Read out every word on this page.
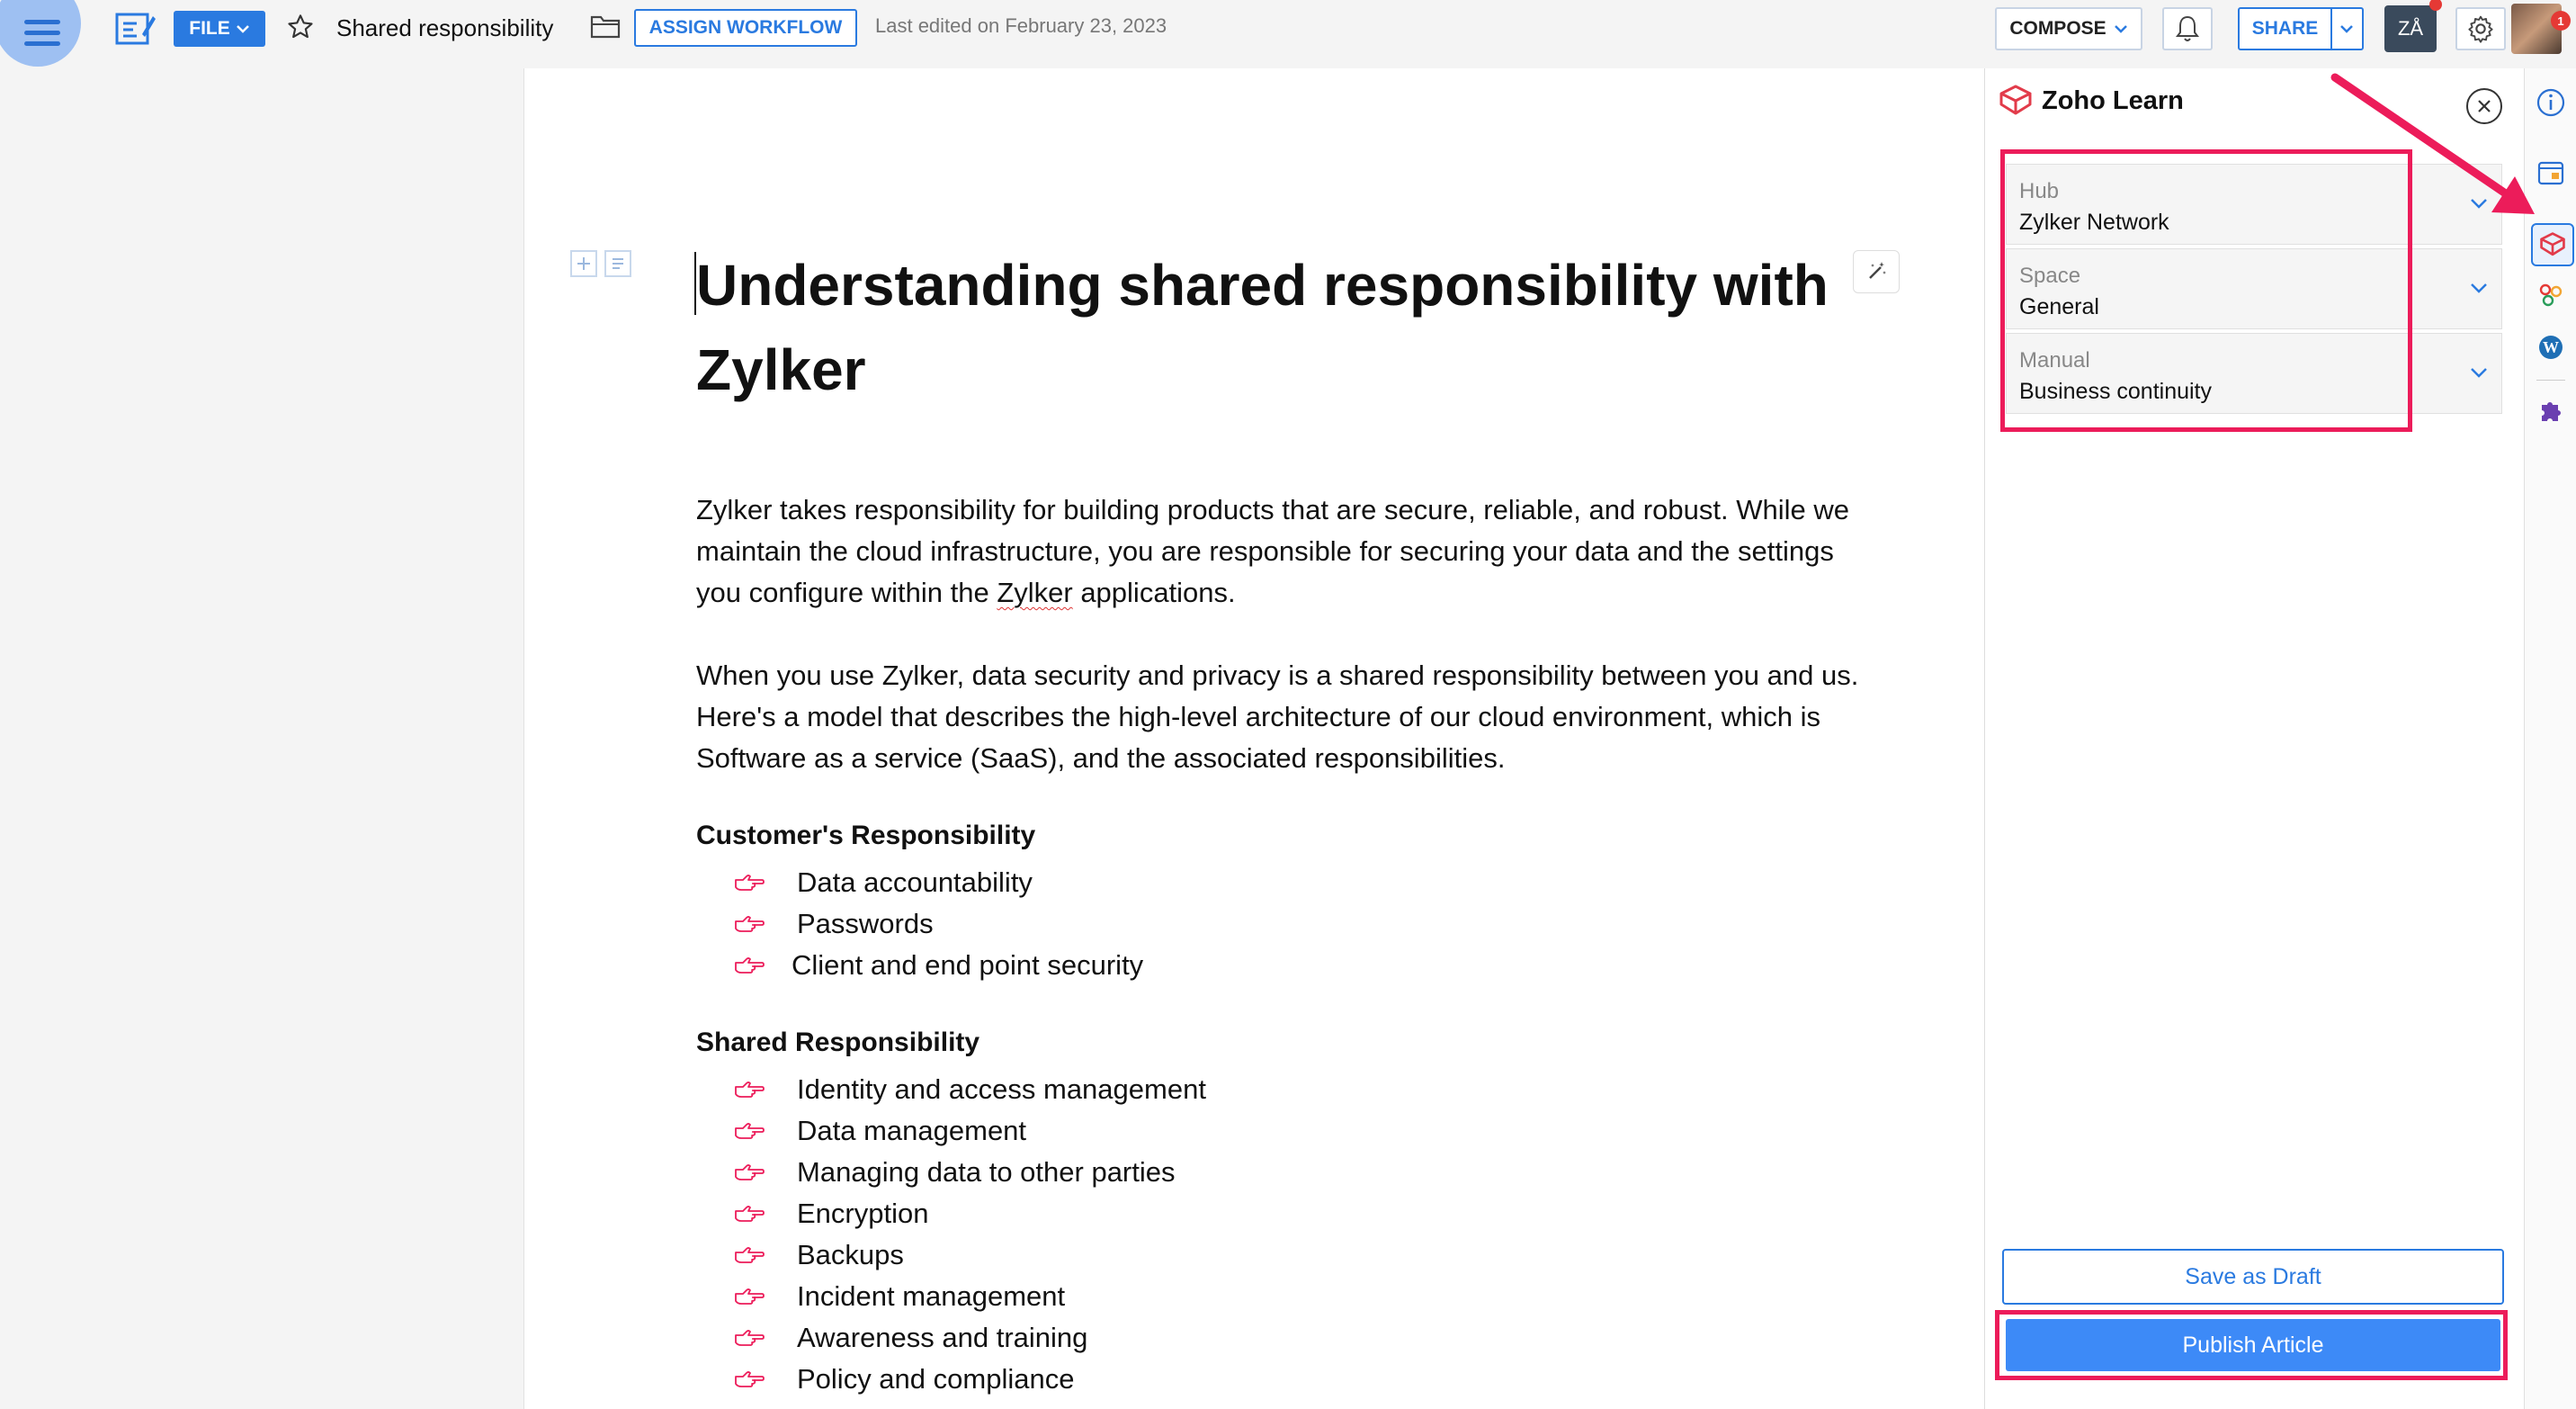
FILE	Shared responsibility	ASSIGN WORKFLOW	Last edited on February 23, 2023	COMPOSE	SHARE	ZÅ	1
Understanding shared responsibility with Zylker
Zylker takes responsibility for building products that are secure, reliable, and robust. While we maintain the cloud infrastructure, you are responsible for securing your data and the settings you configure within the Zylker applications.
When you use Zylker, data security and privacy is a shared responsibility between you and us. Here's a model that describes the high-level architecture of our cloud environment, which is Software as a service (SaaS), and the associated responsibilities.
Customer's Responsibility
Data accountability
Passwords
Client and end point security
Shared Responsibility
Identity and access management
Data management
Managing data to other parties
Encryption
Backups
Incident management
Awareness and training
Policy and compliance
Zoho Learn
Hub
Zylker Network
Space
General
Manual
Business continuity
Save as Draft
Publish Article
W
